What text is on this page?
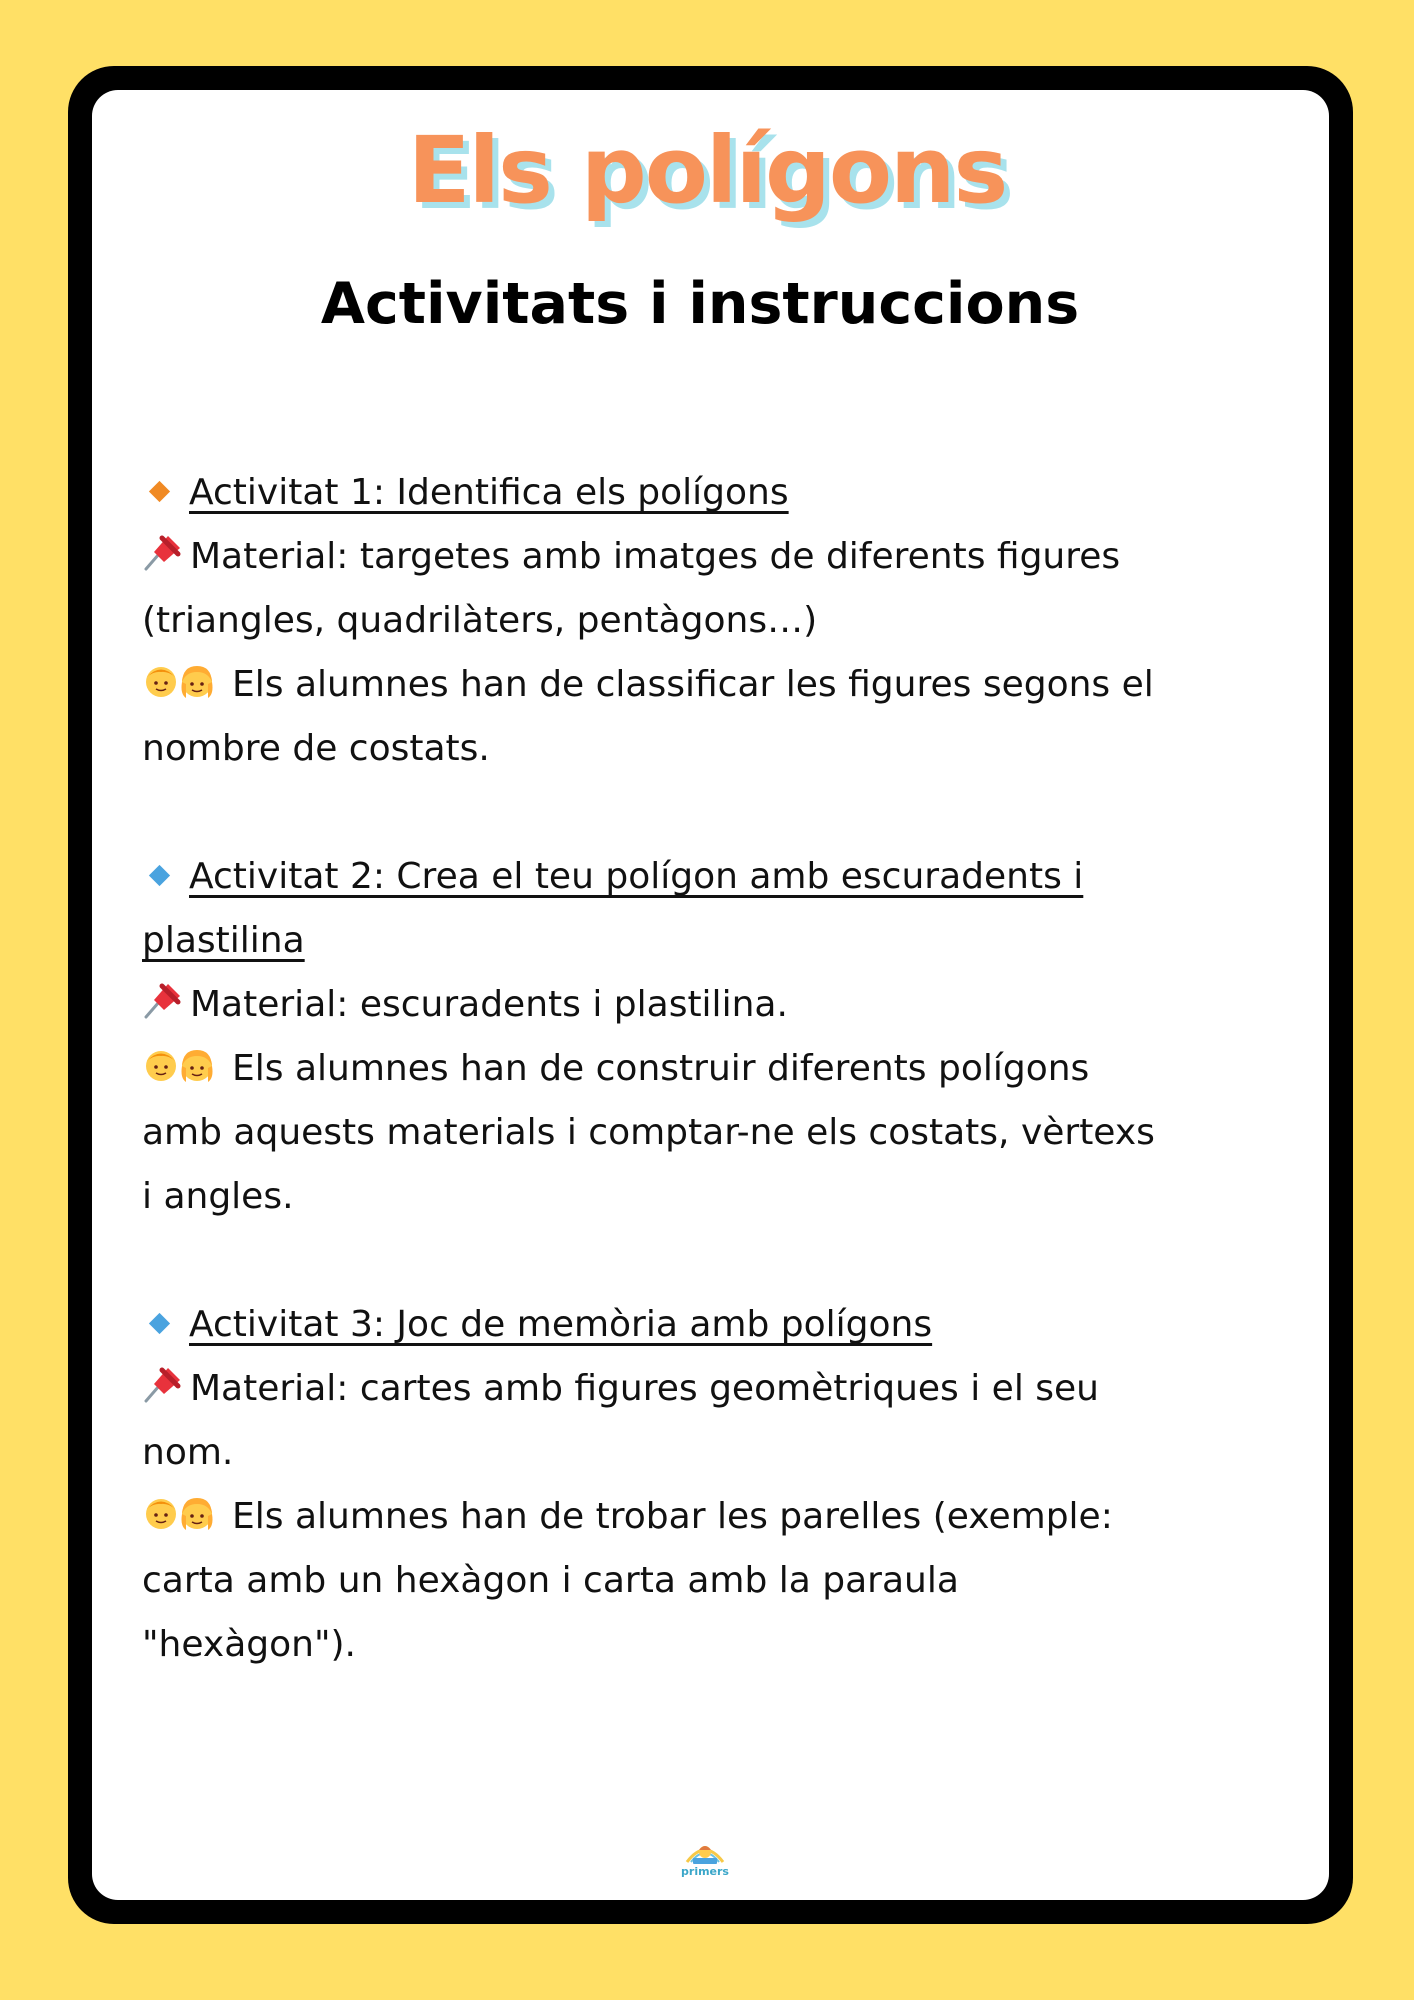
Els polígons
Activitats i instruccions

Activitat 1: Identifica els polígons

Material: targetes amb imatges de diferents figures

(triangles, quadrilàters, pentàgons…)

Els alumnes han de classificar les figures segons el

nombre de costats.

Activitat 2: Crea el teu polígon amb escuradents i

plastilina

Material: escuradents i plastilina.

Els alumnes han de construir diferents polígons

amb aquests materials i comptar-ne els costats, vèrtexs

i angles.

Activitat 3: Joc de memòria amb polígons

Material: cartes amb figures geomètriques i el seu

nom.

Els alumnes han de trobar les parelles (exemple:

carta amb un hexàgon i carta amb la paraula

"hexàgon").

primers
